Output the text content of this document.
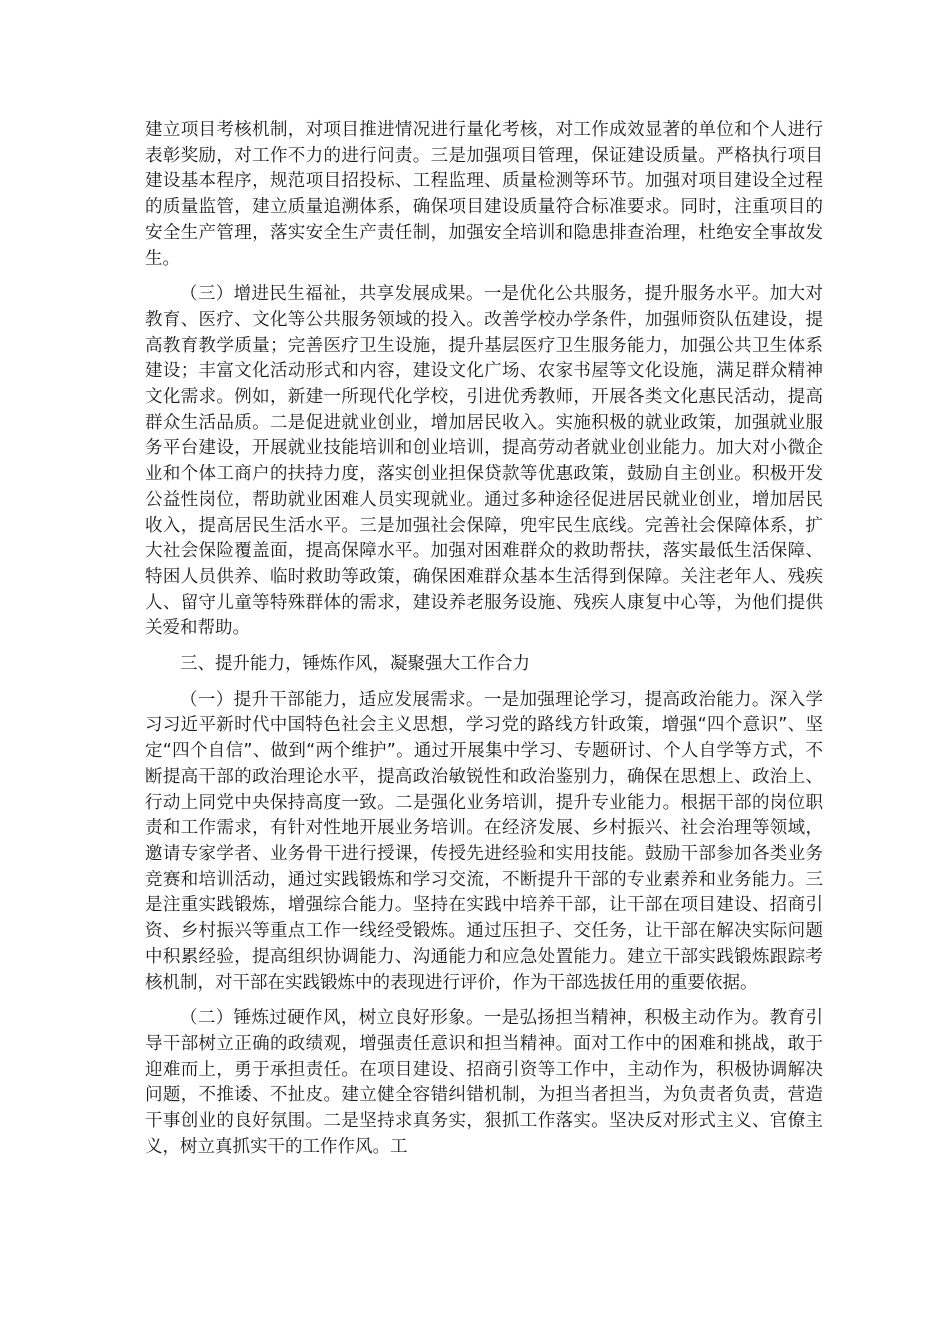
建立项目考核机制，对项目推进情况进行量化考核，对工作成效显著的单位和个人进行表彰奖励，对工作不力的进行问责。三是加强项目管理，保证建设质量。严格执行项目建设基本程序，规范项目招投标、工程监理、质量检测等环节。加强对项目建设全过程的质量监管，建立质量追溯体系，确保项目建设质量符合标准要求。同时，注重项目的安全生产管理，落实安全生产责任制，加强安全培训和隐患排查治理，杜绝安全事故发生。

（三）增进民生福祉，共享发展成果。一是优化公共服务，提升服务水平。加大对教育、医疗、文化等公共服务领域的投入。改善学校办学条件，加强师资队伍建设，提高教育教学质量；完善医疗卫生设施，提升基层医疗卫生服务能力，加强公共卫生体系建设；丰富文化活动形式和内容，建设文化广场、农家书屋等文化设施，满足群众精神文化需求。例如，新建一所现代化学校，引进优秀教师，开展各类文化惠民活动，提高群众生活品质。二是促进就业创业，增加居民收入。实施积极的就业政策，加强就业服务平台建设，开展就业技能培训和创业培训，提高劳动者就业创业能力。加大对小微企业和个体工商户的扶持力度，落实创业担保贷款等优惠政策，鼓励自主创业。积极开发公益性岗位，帮助就业困难人员实现就业。通过多种途径促进居民就业创业，增加居民收入，提高居民生活水平。三是加强社会保障，兜牢民生底线。完善社会保障体系，扩大社会保险覆盖面，提高保障水平。加强对困难群众的救助帮扶，落实最低生活保障、特困人员供养、临时救助等政策，确保困难群众基本生活得到保障。关注老年人、残疾人、留守儿童等特殊群体的需求，建设养老服务设施、残疾人康复中心等，为他们提供关爱和帮助。

三、提升能力，锤炼作风，凝聚强大工作合力

（一）提升干部能力，适应发展需求。一是加强理论学习，提高政治能力。深入学习习近平新时代中国特色社会主义思想，学习党的路线方针政策，增强“四个意识”、坚定“四个自信”、做到“两个维护”。通过开展集中学习、专题研讨、个人自学等方式，不断提高干部的政治理论水平，提高政治敏锐性和政治鉴别力，确保在思想上、政治上、行动上同党中央保持高度一致。二是强化业务培训，提升专业能力。根据干部的岗位职责和工作需求，有针对性地开展业务培训。在经济发展、乡村振兴、社会治理等领域，邀请专家学者、业务骨干进行授课，传授先进经验和实用技能。鼓励干部参加各类业务竞赛和培训活动，通过实践锻炼和学习交流，不断提升干部的专业素养和业务能力。三是注重实践锻炼，增强综合能力。坚持在实践中培养干部，让干部在项目建设、招商引资、乡村振兴等重点工作一线经受锻炼。通过压担子、交任务，让干部在解决实际问题中积累经验，提高组织协调能力、沟通能力和应急处置能力。建立干部实践锻炼跟踪考核机制，对干部在实践锻炼中的表现进行评价，作为干部选拔任用的重要依据。

（二）锤炼过硬作风，树立良好形象。一是弘扬担当精神，积极主动作为。教育引导干部树立正确的政绩观，增强责任意识和担当精神。面对工作中的困难和挑战，敢于迎难而上，勇于承担责任。在项目建设、招商引资等工作中，主动作为，积极协调解决问题，不推诿、不扯皮。建立健全容错纠错机制，为担当者担当，为负责者负责，营造干事创业的良好氛围。二是坚持求真务实，狠抓工作落实。坚决反对形式主义、官僚主义，树立真抓实干的工作作风。工
